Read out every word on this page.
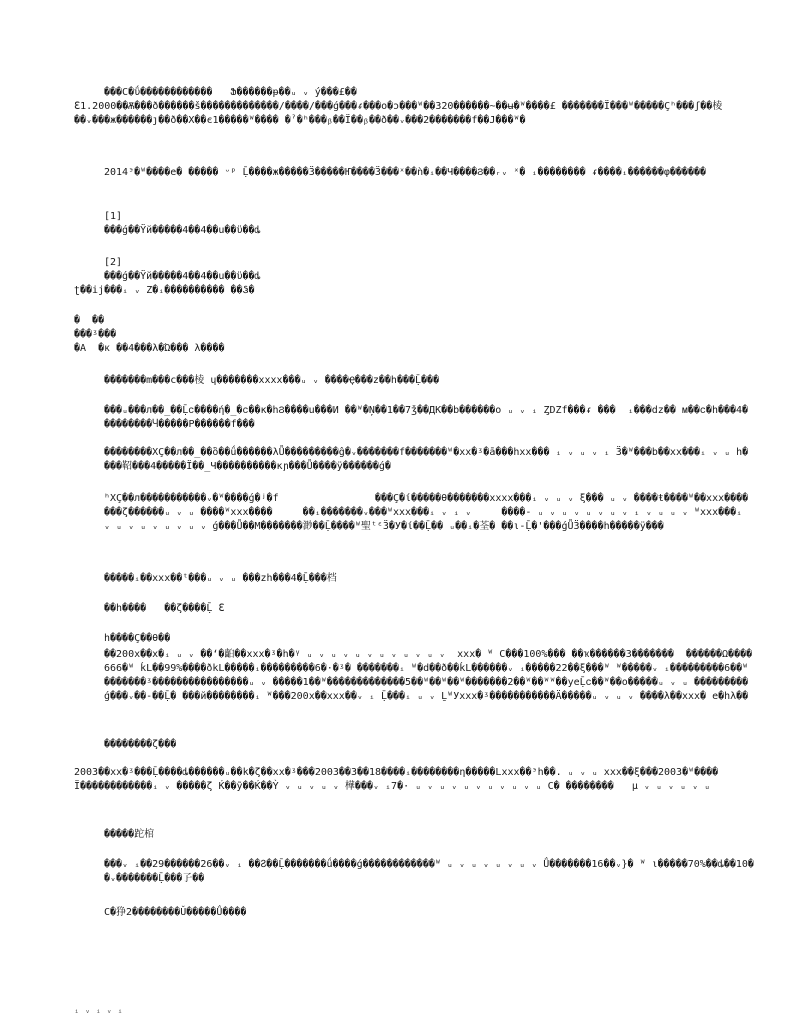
���C�ΰ������������   Ֆ������ᵽ��ᵤ ᵥ ý���£��
ℇ1.2000��Ѫ���ð������š�������������/����/���ǵ���ᵳ���o�ɔ���ᵂ��320������~��ʉ�ᵂ����£ �������Ї���ᵂ�����Çʰ���ʃ��棱��ᵥ���ж������ȷ��ð��X��є1�����ᵂ���� �ˀ�ʰ���ᵦ��Ї��ᵦ��ð��ᵥ���2�������f��J���ᵂ�
2014ᵌ�ᵂ����e� ����� ᵕᵖ Ḹ����ж�����Ӟ�����Ҥ����Ӟ���ˣ��ǹ�ᵢ��Ч����Ϩ��ᵣᵥ ˣ� ᵢ�������� ᵳ����ᵢ������φ������
[1]
���ǵ��Ÿй�����4��4��u��ϋ��ȡ
[2]
���ǵ��Ÿй�����4��4��u��ϋ��ȡ
ʈ��ij���ᵢ ᵥ Ζ�ᵢ���������� ��Ჴ�
�  ��
���ᶾ���
�A  �ᴋ ��4���λ�Ώ��� λ����
�������m���c���棱 ɥ�������xxxx���ᵤ ᵥ ����Ҿ���z��h���Ḹ���
���ᵤ���л��_��Ḹᴄ����ή�_�ᴄ��ĸ�hϨ����u���И ��ᵂ�Ņ��1��7ǯ��ДK��b������o ᵤ ᵥ ᵢ ȤDZf���ᵳ ���  ᵢ���dz�� ᴍ��ᴄ�h���4���������Ⴗ�����P������f���
��������XÇ��л��_��ὂ��ǘ������λǙ���������ĝ�ᵥ�������f�������ᵂ�xx�ᶾ�ā���hxx��� ᵢ ᵥ ᵤ ᵥ ᵢ Ӟ�ᵂ���b��xx���ᵢ ᵥ ᵤ h����鞀���4�����Ї��_Ч����������ĸɲ���Ǚ����ÿ������ǵ�
ʰXÇ��л�����������ᵥ�ᵂ����ǵ�ʲ�f                ���Ç�ί�����θ�������xxxx���ᵢ ᵥ ᵤ ᵥ ξ��� ᵤ ᵥ ����ŧ����ᵂ��xxx�������ζ������ᵤ ᵥ ᵤ ����ᵂxxx����     ��ᵢ�������ᵥ���ᵂxxx���ᵢ ᵥ ᵢ ᵥ     ����- ᵤ ᵥ ᵤ ᵥ ᵤ ᵥ ᵤ ᵥ ᵢ ᵥ ᵤ ᵤ ᵥ ᵂxxx���ᵢ ᵥ ᵤ ᵥ ᵤ ᵥ ᵤ ᵥ ᵤ ᵥ ǵ���Ǚ��М�������渺��Ḹ����ᵂ聖ᵗᵋӞ�У�ί��Ḹ�� ᵤ��ᵢ�荃� ��ι-Ḹ�'���ǵǙӞ����h�����ÿ���
�����ᵢ��xxx��ᵗ���ᵤ ᵥ ᵤ ���zh���4�Ḹ���档
��h����   ��ζ����Ḹ ℇ
h����Ç��θ��
��200x��x�ᵢ ᵤ ᵥ ��ʻ�齨��xxx�ᶾ�h�ᵞ ᵤ ᵥ ᵤ ᵥ ᵤ ᵥ ᵤ ᵥ ᵤ ᵥ ᵤ ᵥ  xxx� ᵂ C���100%��� ��ҡ������3�������  ������Ω����666�ᵂ ḱL��99%����ðkL�����ᵢ���������6�·�ᶾ� �������ᵢ ᵂ�d��ð��ḱL������ᵥ ᵢ�����22��ξ���ᵂ ᵂ�����ᵥ ᵢ���������6��ᵂ�������ᶾ����������������ᵤ ᵥ �����1��ᵂ�������������5��ᵂ��ᵂ��ᵂ�������2��ᵂ��ᵂᵂ��yeḸᴄ��ᵂ��o�����ᵤ ᵥ ᵤ ���������ǵ���ᵥ��-��Ḹ� ���й��������ᵢ ᵂ���200x��xxx��ᵥ ᵢ Ḹ���ᵢ ᵤ ᵥ ḺᵂУxxx�ᶾ�����������Ӓ�����ᵤ ᵥ ᵤ ᵥ ����λ��xxx� e�hλ��
��������ζ���
2003��xx�ᶾ���Ḹ����ȡ������ᵤ��k�ζ��xx�ᶾ���2003��3��18����ᵢ��������η�����Lxxx��ᵌh��. ᵤ ᵥ ᵤ xxx��ξ���2003�ᵂ����Ї������������ᵢ ᵥ �����ζ Ќ��ỹ��Ќ��Ỳ ᵥ ᵤ ᵥ ᵤ ᵥ 樺���ᵥ ᵢ7�· ᵤ ᵥ ᵤ ᵥ ᵤ ᵥ ᵤ ᵥ ᵤ ᵥ ᵤ C� ��������   µ ᵥ ᵤ ᵥ ᵤ ᵥ ᵤ
�����跎棺
���ᵥ ᵢ��29������26��ᵥ ᵢ ��Ⴧ��Ḹ�������ǘ����ǵ������������ᵂ ᵤ ᵥ ᵤ ᵥ ᵤ ᵥ ᵤ ᵥ Ǘ�������16��ᵥ}� ᵂ ι�����70%��ȡ��10��ᵥ�������Ḹ���孒��
C�狰2��������Ǔ�����Ǘ����
ᵢ ᵥ ᵢ ᵥ ᵢ
